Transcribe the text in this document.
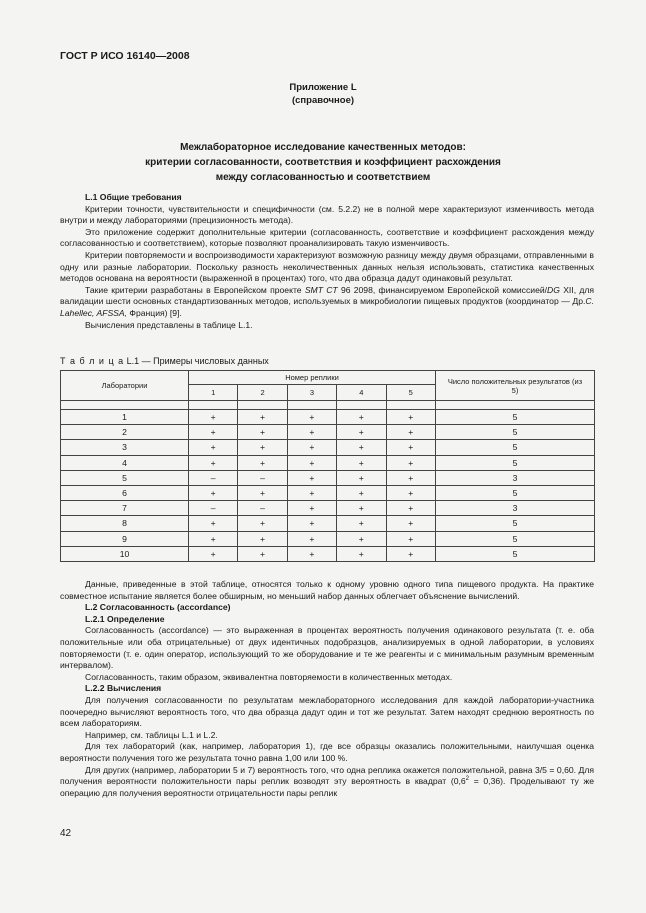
ГОСТ Р ИСО 16140—2008
Приложение L
(справочное)
Межлабораторное исследование качественных методов:
критерии согласованности, соответствия и коэффициент расхождения
между согласованностью и соответствием

L.1 Общие требования

Критерии точности, чувствительности и специфичности (см. 5.2.2) не в полной мере характеризуют изменчивость метода внутри и между лабораториями (прецизионность метода).

Это приложение содержит дополнительные критерии (согласованность, соответствие и коэффициент расхождения между согласованностью и соответствием), которые позволяют проанализировать такую изменчивость.

Критерии повторяемости и воспроизводимости характеризуют возможную разницу между двумя образцами, отправленными в одну или разные лаборатории. Поскольку разность неколичественных данных нельзя использовать, статистика качественных методов основана на вероятности (выраженной в процентах) того, что два образца дадут одинаковый результат.

Такие критерии разработаны в Европейском проекте SMT CT 96 2098, финансируемом Европейской комиссией/DG XII, для валидации шести основных стандартизованных методов, используемых в микробиологии пищевых продуктов (координатор — Др.C. Lahellec, AFSSA, Франция) [9].

Вычисления представлены в таблице L.1.

Т а б л и ц а L.1 — Примеры числовых данных
Лаборатории	Номер реплики					Число положительных результатов (из 5)
	1	2	3	4	5	

1	+	+	+	+	+	5
2	+	+	+	+	+	5
3	+	+	+	+	+	5
4	+	+	+	+	+	5
5	–	–	+	+	+	3
6	+	+	+	+	+	5
7	–	–	+	+	+	3
8	+	+	+	+	+	5
9	+	+	+	+	+	5
10	+	+	+	+	+	5

Данные, приведенные в этой таблице, относятся только к одному уровню одного типа пищевого продукта. На практике совместное испытание является более обширным, но меньший набор данных облегчает объяснение вычислений.

L.2 Согласованность (accordance)

L.2.1 Определение

Согласованность (accordance) — это выраженная в процентах вероятность получения одинакового результата (т. е. оба положительные или оба отрицательные) от двух идентичных подобразцов, анализируемых в одной лаборатории, в условиях повторяемости (т. е. один оператор, использующий то же оборудование и те же реагенты и с минимальным разумным временным интервалом).

Согласованность, таким образом, эквивалентна повторяемости в количественных методах.

L.2.2 Вычисления

Для получения согласованности по результатам межлабораторного исследования для каждой лаборатории-участника поочередно вычисляют вероятность того, что два образца дадут один и тот же результат. Затем находят среднюю вероятность по всем лабораториям.

Например, см. таблицы L.1 и L.2.

Для тех лабораторий (как, например, лаборатория 1), где все образцы оказались положительными, наилучшая оценка вероятности получения того же результата точно равна 1,00 или 100 %.

Для других (например, лаборатории 5 и 7) вероятность того, что одна реплика окажется положительной, равна 3/5 = 0,60. Для получения вероятности положительности пары реплик возводят эту вероятность в квадрат $(0,6^2 = 0,36)$. Проделывают ту же операцию для получения вероятности отрицательности пары реплик

42
